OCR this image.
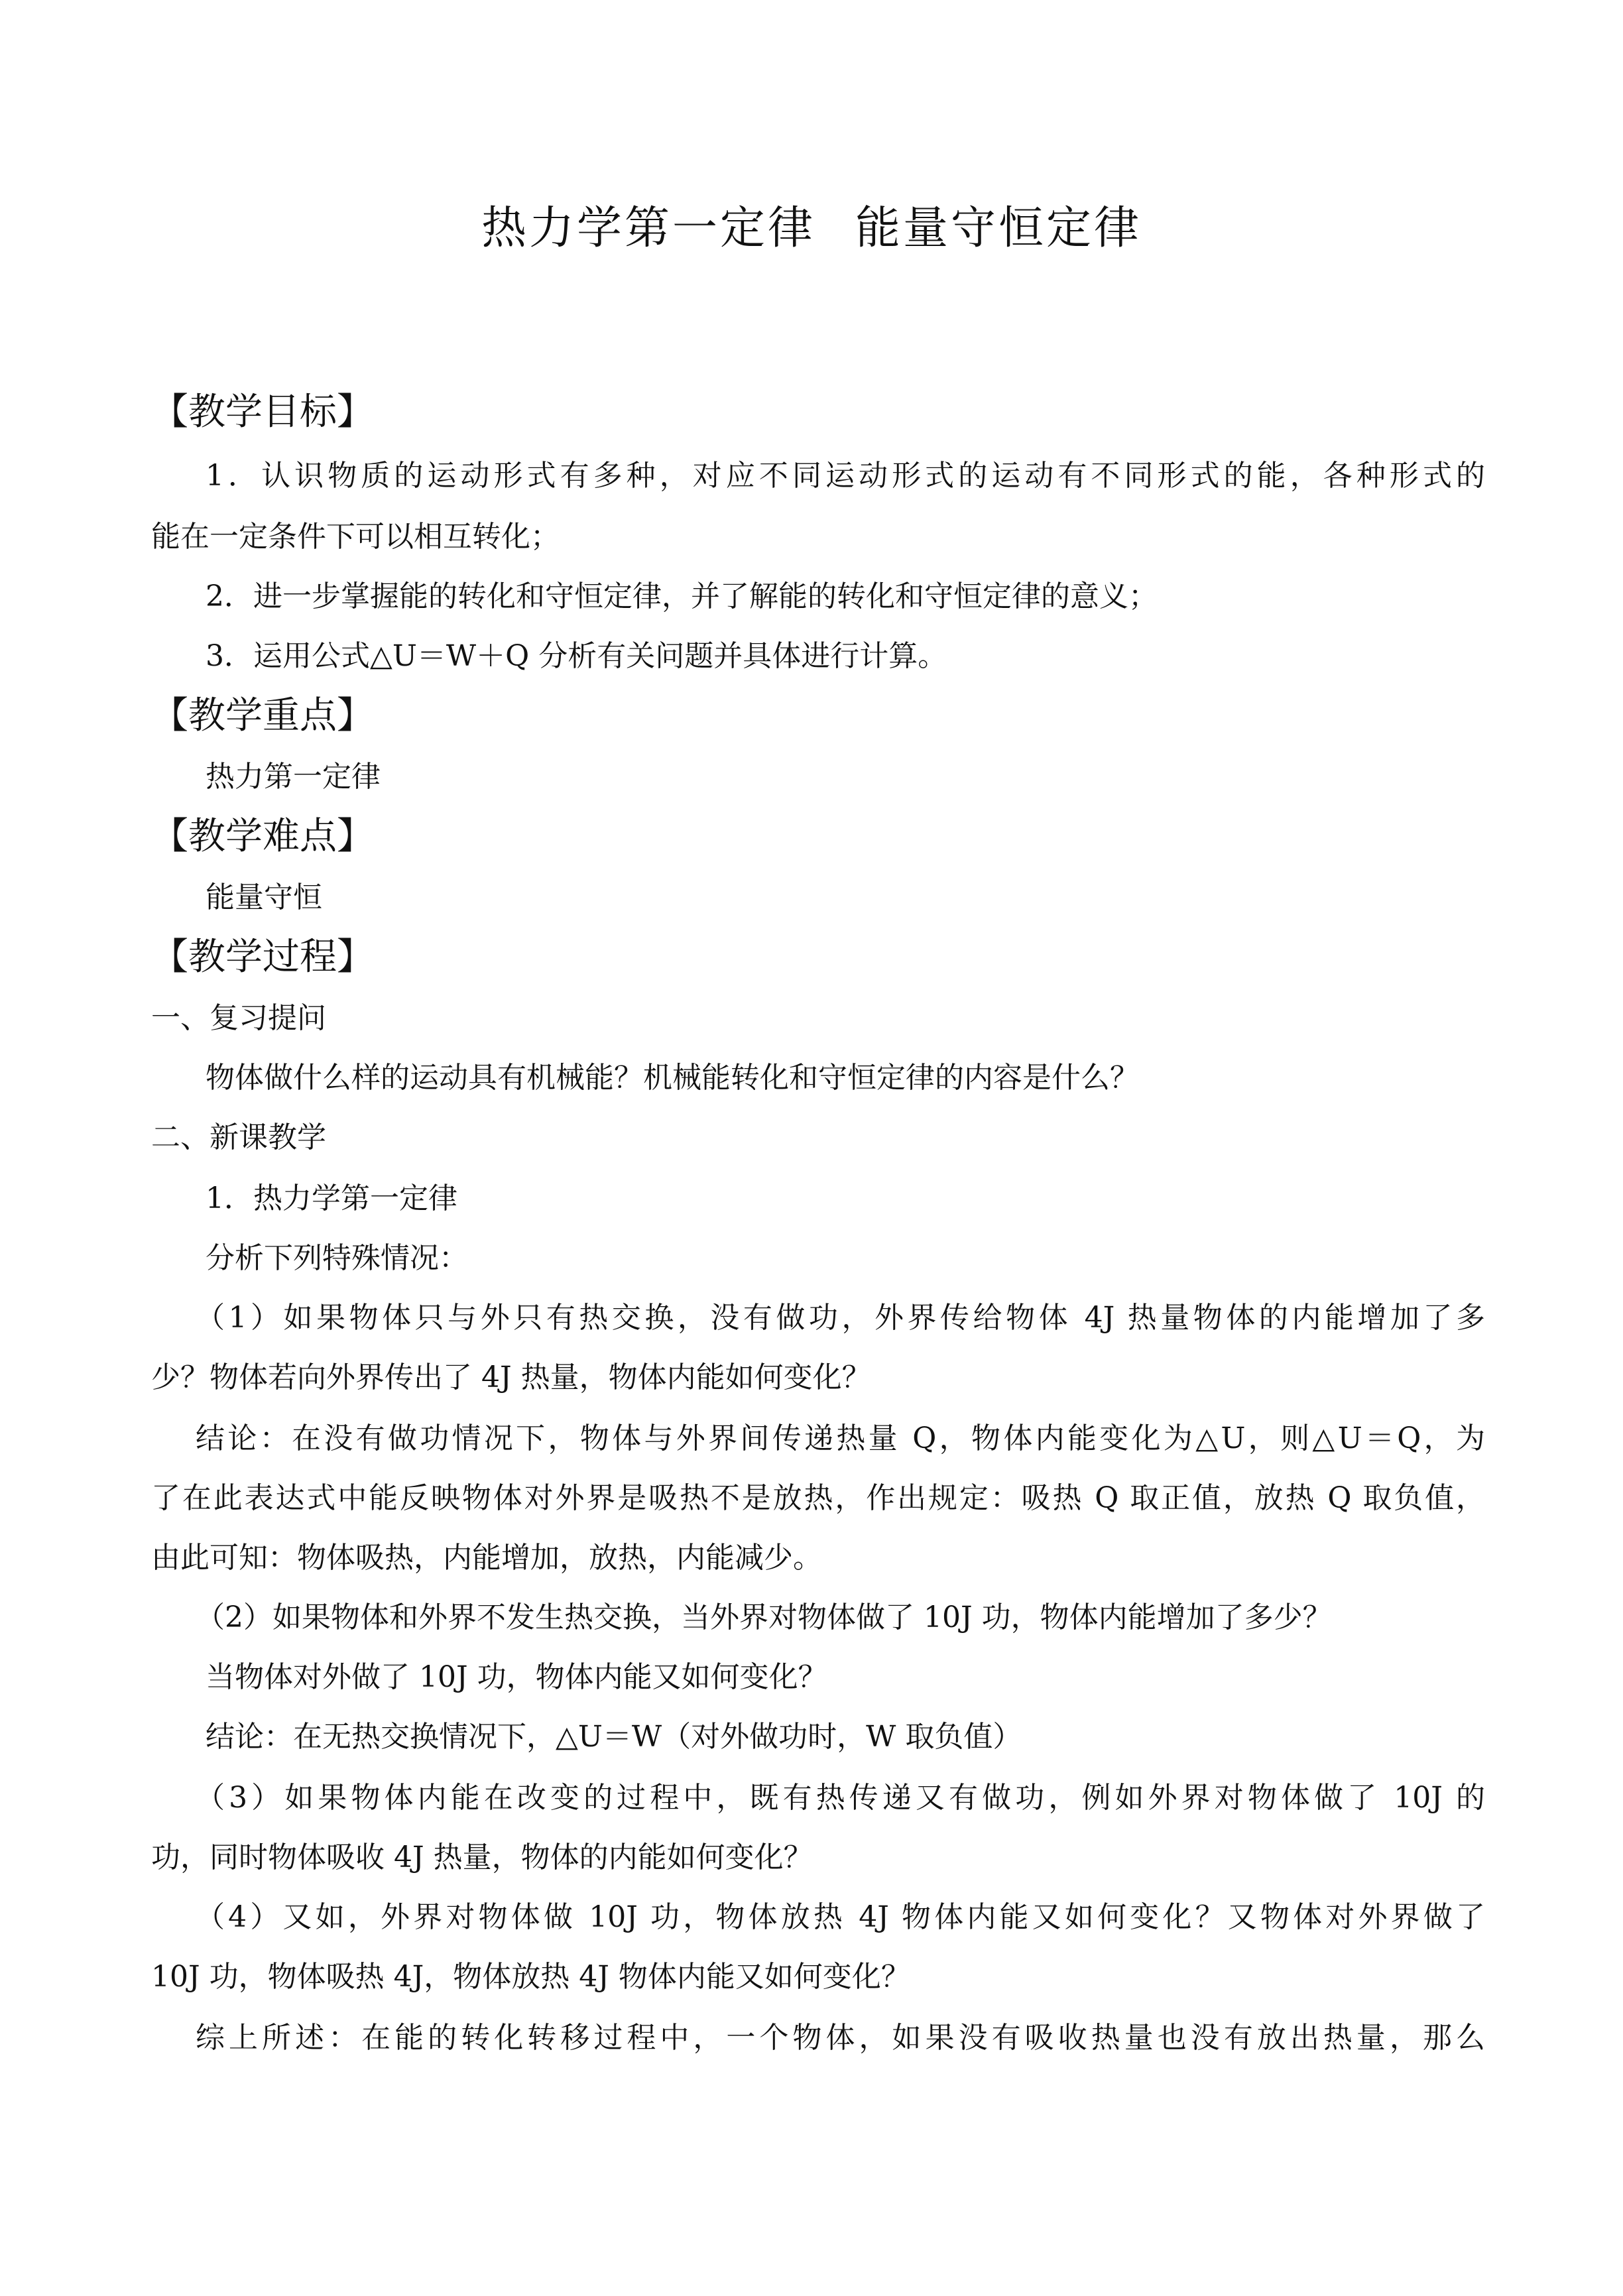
热力学第一定律 能量守恒定律
【教学目标】
1．认识物质的运动形式有多种，对应不同运动形式的运动有不同形式的能，各种形式的
能在一定条件下可以相互转化；
2．进一步掌握能的转化和守恒定律，并了解能的转化和守恒定律的意义；
3．运用公式△U＝W＋Q 分析有关问题并具体进行计算。
【教学重点】
热力第一定律
【教学难点】
能量守恒
【教学过程】
一、复习提问
物体做什么样的运动具有机械能？机械能转化和守恒定律的内容是什么？
二、新课教学
1．热力学第一定律
分析下列特殊情况：
（1）如果物体只与外只有热交换，没有做功，外界传给物体 4J 热量物体的内能增加了多
少？物体若向外界传出了 4J 热量，物体内能如何变化？
结论：在没有做功情况下，物体与外界间传递热量 Q，物体内能变化为△U，则△U＝Q，为
了在此表达式中能反映物体对外界是吸热不是放热，作出规定：吸热 Q 取正值，放热 Q 取负值，
由此可知：物体吸热，内能增加，放热，内能减少。
（2）如果物体和外界不发生热交换，当外界对物体做了 10J 功，物体内能增加了多少？
当物体对外做了 10J 功，物体内能又如何变化？
结论：在无热交换情况下，△U＝W（对外做功时，W 取负值）
（3）如果物体内能在改变的过程中，既有热传递又有做功，例如外界对物体做了 10J 的
功，同时物体吸收 4J 热量，物体的内能如何变化？
（4）又如，外界对物体做 10J 功，物体放热 4J 物体内能又如何变化？又物体对外界做了
10J 功，物体吸热 4J，物体放热 4J 物体内能又如何变化？
综上所述：在能的转化转移过程中，一个物体，如果没有吸收热量也没有放出热量，那么
